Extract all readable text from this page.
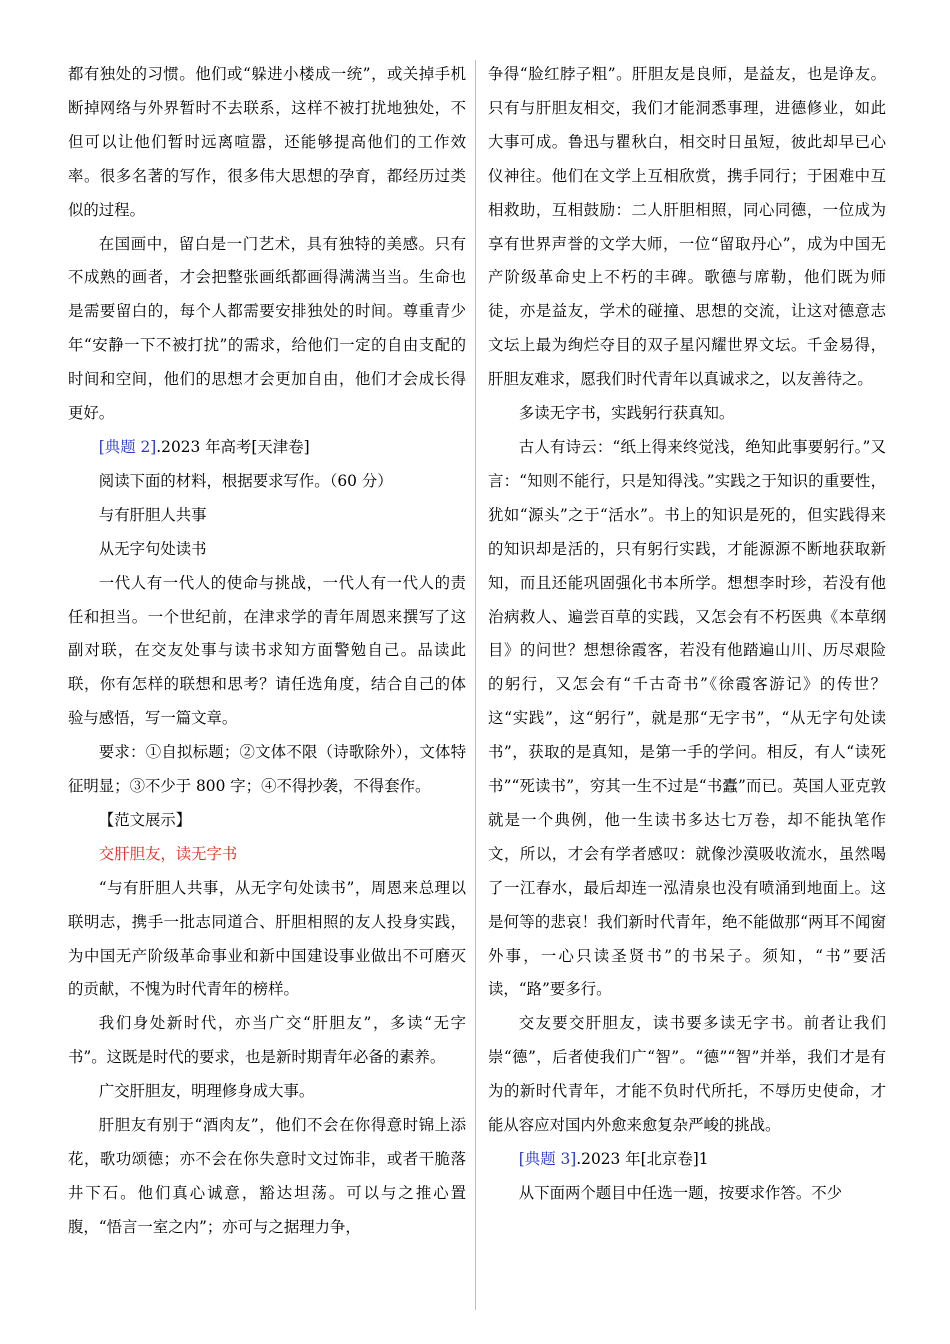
都有独处的习惯。他们或“躲进小楼成一统”，或关掉手机断掉网络与外界暂时不去联系，这样不被打扰地独处，不但可以让他们暂时远离喧嚣，还能够提高他们的工作效率。很多名著的写作，很多伟大思想的孕育，都经历过类似的过程。

在国画中，留白是一门艺术，具有独特的美感。只有不成熟的画者，才会把整张画纸都画得满满当当。生命也是需要留白的，每个人都需要安排独处的时间。尊重青少年“安静一下不被打扰”的需求，给他们一定的自由支配的时间和空间，他们的思想才会更加自由，他们才会成长得更好。

[典题 2].2023 年高考[天津卷]

阅读下面的材料，根据要求写作。（60 分）

与有肝胆人共事

从无字句处读书

一代人有一代人的使命与挑战，一代人有一代人的责任和担当。一个世纪前，在津求学的青年周恩来撰写了这副对联，在交友处事与读书求知方面警勉自己。品读此联，你有怎样的联想和思考？请任选角度，结合自己的体验与感悟，写一篇文章。

要求：①自拟标题；②文体不限（诗歌除外），文体特征明显；③不少于 800 字；④不得抄袭，不得套作。

【范文展示】

交肝胆友，读无字书

“与有肝胆人共事，从无字句处读书”，周恩来总理以联明志，携手一批志同道合、肝胆相照的友人投身实践，为中国无产阶级革命事业和新中国建设事业做出不可磨灭的贡献，不愧为时代青年的榜样。

我们身处新时代，亦当广交“肝胆友”，多读“无字书”。这既是时代的要求，也是新时期青年必备的素养。

广交肝胆友，明理修身成大事。

肝胆友有别于“酒肉友”，他们不会在你得意时锦上添花，歌功颂德；亦不会在你失意时文过饰非，或者干脆落井下石。他们真心诚意，豁达坦荡。可以与之推心置腹，“悟言一室之内”；亦可与之据理力争，

争得“脸红脖子粗”。肝胆友是良师，是益友，也是诤友。只有与肝胆友相交，我们才能洞悉事理，进德修业，如此大事可成。鲁迅与瞿秋白，相交时日虽短，彼此却早已心仪神往。他们在文学上互相欣赏，携手同行；于困难中互相救助，互相鼓励：二人肝胆相照，同心同德，一位成为享有世界声誉的文学大师，一位“留取丹心”，成为中国无产阶级革命史上不朽的丰碑。歌德与席勒，他们既为师徒，亦是益友，学术的碰撞、思想的交流，让这对德意志文坛上最为绚烂夺目的双子星闪耀世界文坛。千金易得，肝胆友难求，愿我们时代青年以真诚求之，以友善待之。

多读无字书，实践躬行获真知。

古人有诗云：“纸上得来终觉浅，绝知此事要躬行。”又言：“知则不能行，只是知得浅。”实践之于知识的重要性，犹如“源头”之于“活水”。书上的知识是死的，但实践得来的知识却是活的，只有躬行实践，才能源源不断地获取新知，而且还能巩固强化书本所学。想想李时珍，若没有他治病救人、遍尝百草的实践，又怎会有不朽医典《本草纲目》的问世？想想徐霞客，若没有他踏遍山川、历尽艰险的躬行，又怎会有“千古奇书”《徐霞客游记》的传世？这“实践”，这“躬行”，就是那“无字书”，“从无字句处读书”，获取的是真知，是第一手的学问。相反，有人“读死书”“死读书”，穷其一生不过是“书蠹”而已。英国人亚克敦就是一个典例，他一生读书多达七万卷，却不能执笔作文，所以，才会有学者感叹：就像沙漠吸收流水，虽然喝了一江春水，最后却连一泓清泉也没有喷涌到地面上。这是何等的悲哀！我们新时代青年，绝不能做那“两耳不闻窗外事，一心只读圣贤书”的书呆子。须知，“书”要活读，“路”要多行。

交友要交肝胆友，读书要多读无字书。前者让我们崇“德”，后者使我们广“智”。“德”“智”并举，我们才是有为的新时代青年，才能不负时代所托，不辱历史使命，才能从容应对国内外愈来愈复杂严峻的挑战。

[典题 3].2023 年[北京卷]1

从下面两个题目中任选一题，按要求作答。不少
